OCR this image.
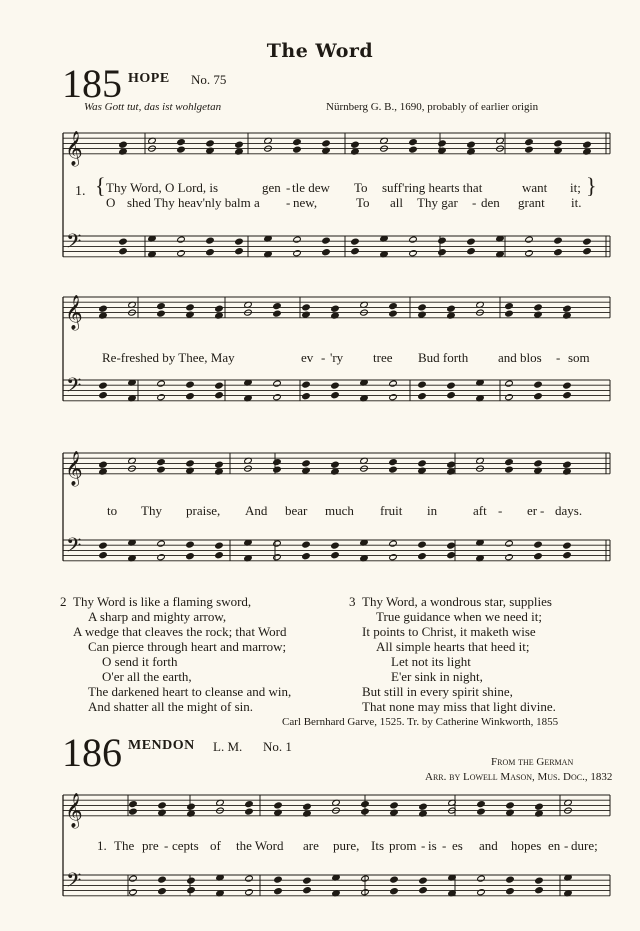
The Word
185 HOPE No. 75
Was Gott tut, das ist wohlgetan	Nürnberg G. B., 1690, probably of earlier origin
𝄞
𝄢
𝄞
𝄢
𝄞
𝄢
𝄞
𝄢
1. {	}
Thy Word, O Lord, is	gen - tle dew To suff'ring hearts that	want it;
O shed Thy heav'nly balm a - new,	To all Thy gar - den grant it.
Re-freshed by Thee, May	ev - 'ry tree Bud forth and blos - som
to Thy praise, And bear much fruit in	aft - er - days.
2 Thy Word is like a flaming sword,
A sharp and mighty arrow,
A wedge that cleaves the rock; that Word
Can pierce through heart and marrow;
O send it forth
O'er all the earth,
The darkened heart to cleanse and win,
And shatter all the might of sin.
3 Thy Word, a wondrous star, supplies
True guidance when we need it;
It points to Christ, it maketh wise
All simple hearts that heed it;
Let not its light
E'er sink in night,
But still in every spirit shine,
That none may miss that light divine.
Carl Bernhard Garve, 1525. Tr. by Catherine Winkworth, 1855
186 MENDON L. M. No. 1
From the German
Arr. by Lowell Mason, Mus. Doc., 1832
1. The pre - cepts of the Word are pure, Its prom - is - es and hopes en - dure;
